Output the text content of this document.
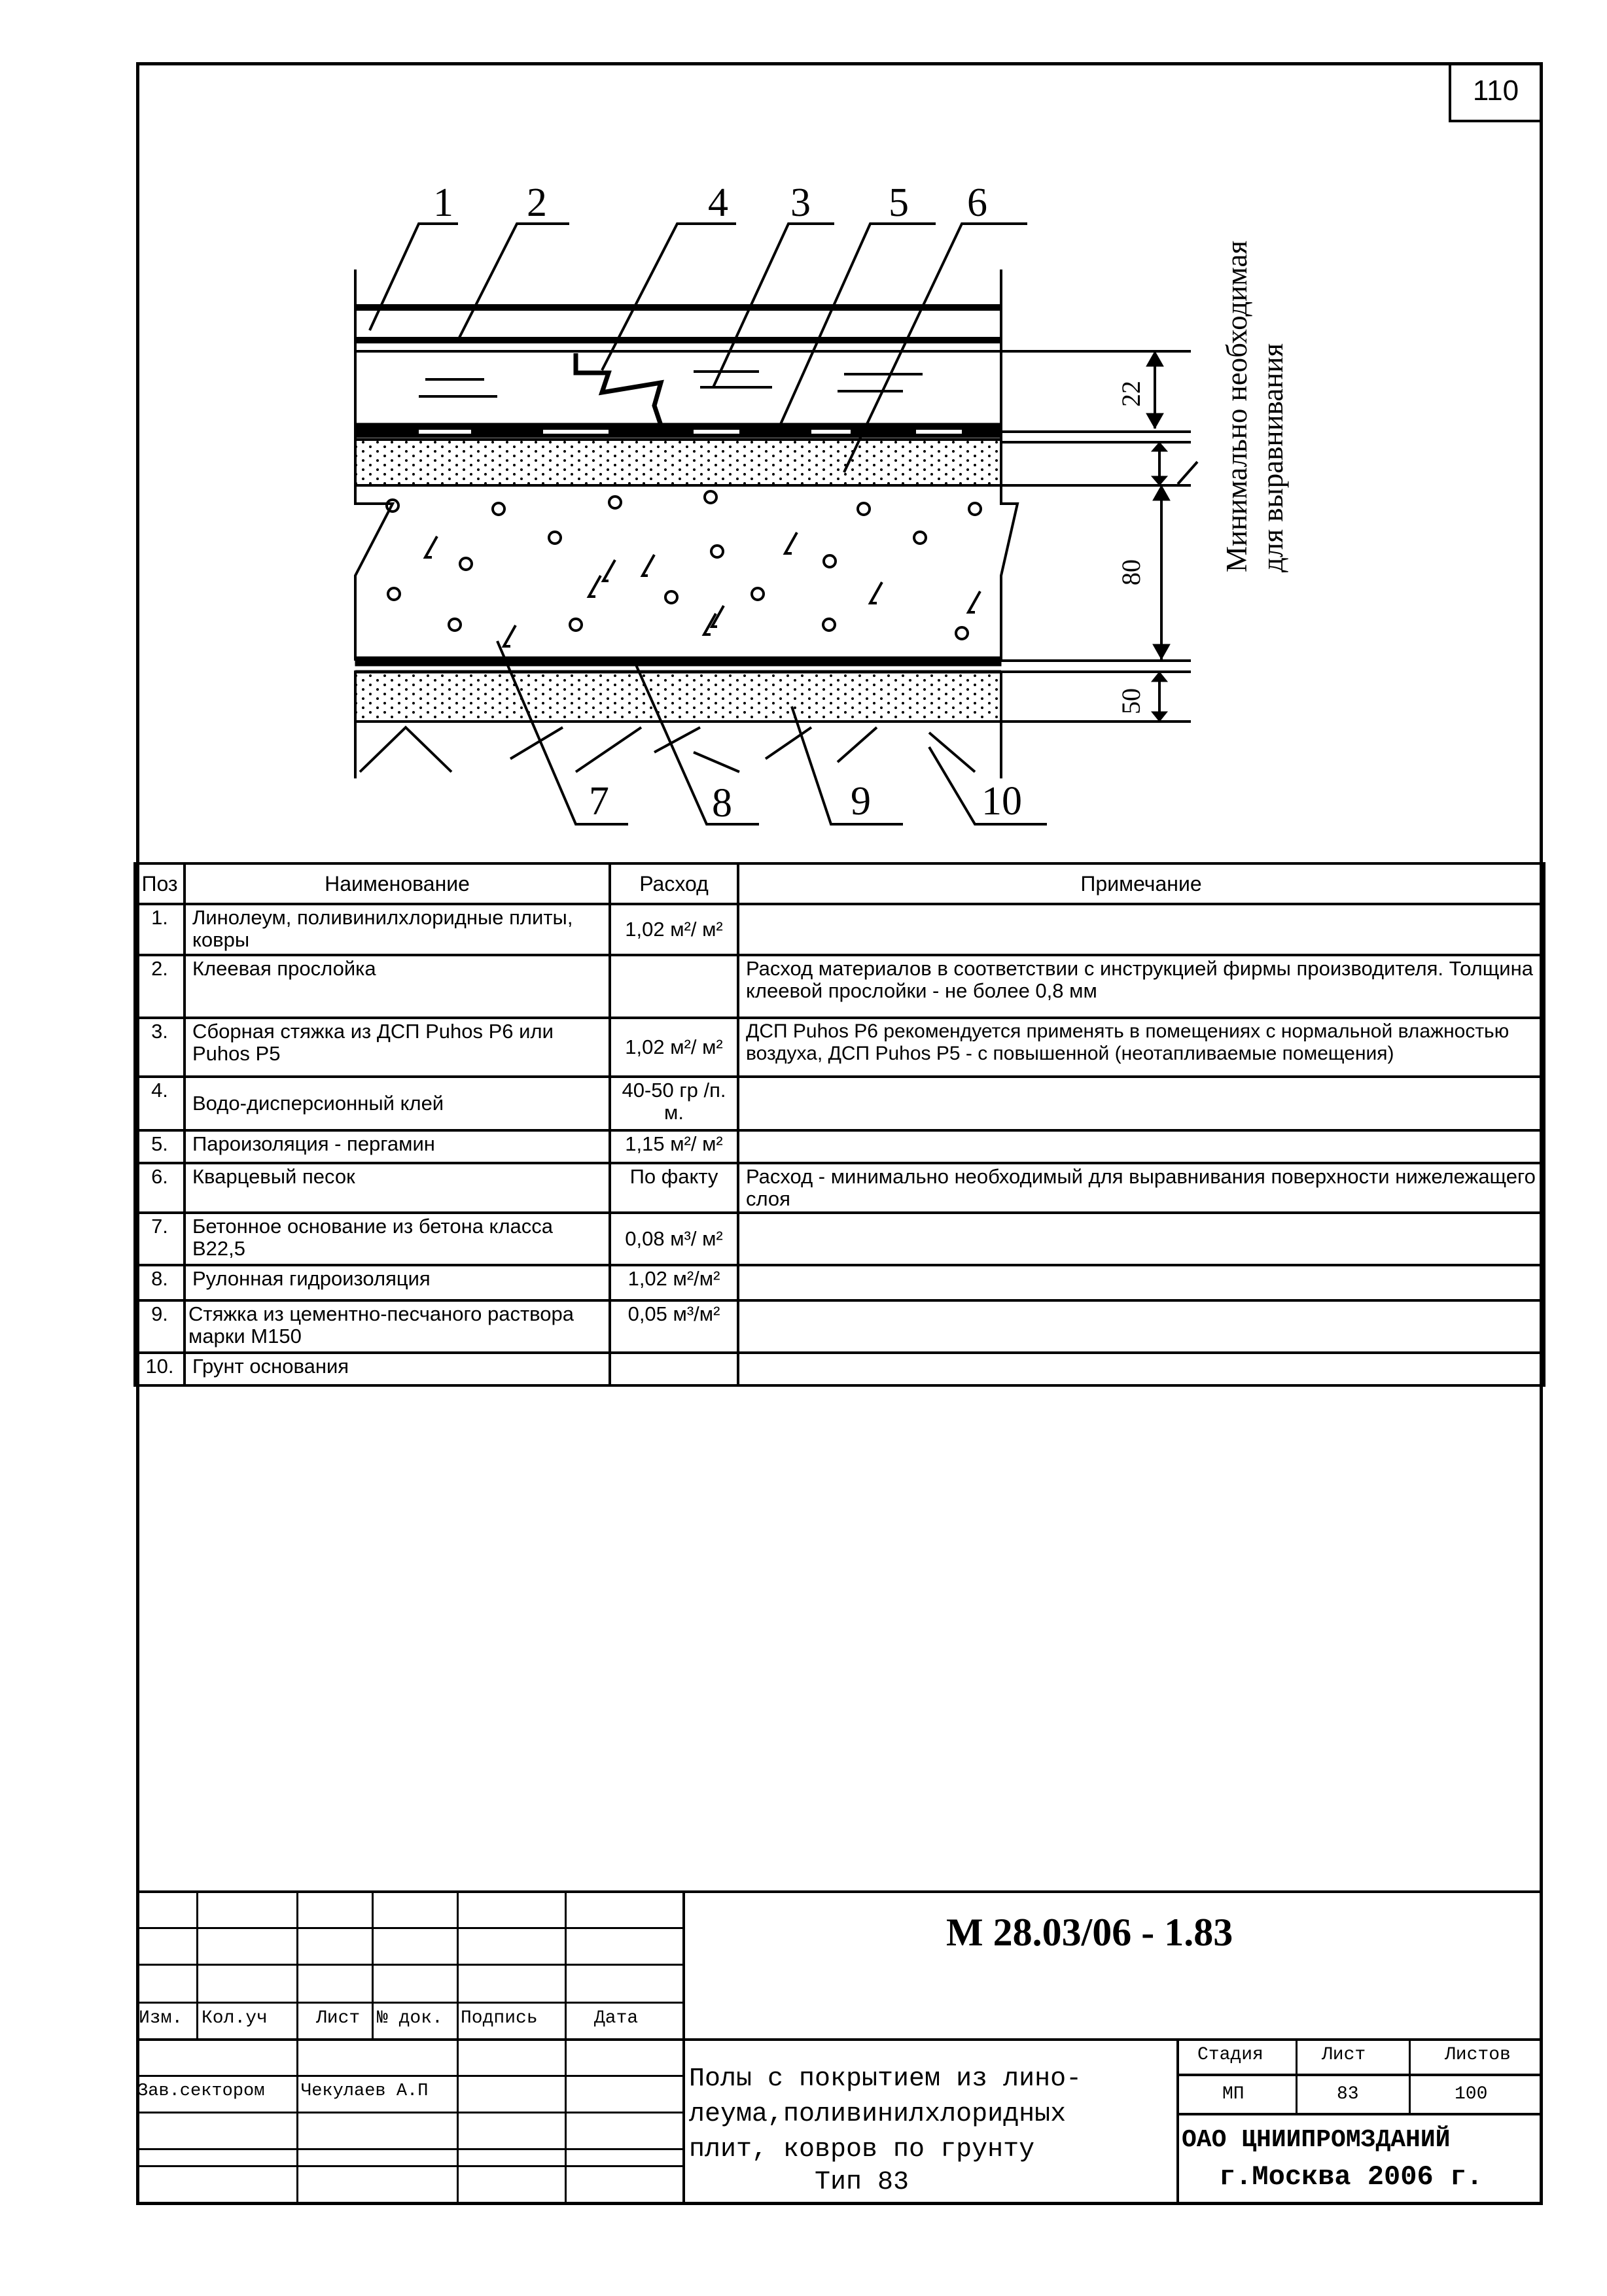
110
1 2	4 3 5 6
7	8	9	10
22
80
50
Минимально необходимая для выравнивания
Поз	Наименование	Расход	Примечание
1.	Линолеум, поливинилхлоридные плиты, ковры	1,02 м²/ м²	
2.	Клеевая прослойка		Расход материалов в соответствии с инструкцией фирмы производителя. Толщина клеевой прослойки - не более 0,8 мм
3.	Сборная стяжка из ДСП Puhos P6 или Puhos P5	1,02 м²/ м²	ДСП Puhos P6 рекомендуется применять в помещениях с нормальной влажностью воздуха, ДСП Puhos P5 - с повышенной (неотапливаемые помещения)
4.	Водо-дисперсионный клей	40-50 гр /п. м.	
5.	Пароизоляция - пергамин	1,15 м²/ м²	
6.	Кварцевый песок	По факту	Расход - минимально необходимый для выравнивания поверхности нижележащего слоя
7.	Бетонное основание из бетона класса В22,5	0,08 м³/ м²	
8.	Рулонная гидроизоляция	1,02 м²/м²	
9.	Стяжка из цементно-песчаного раствора марки М150	0,05 м³/м²	
10.	Грунт основания		
М 28.03/06 - 1.83
Изм. Кол.уч	Лист № док. Подпись	Дата
Зав.сектором Чекулаев А.П	Полы с покрытием из лино-
леума,поливинилхлоридных
плит, ковров по грунту
Тип 83
Стадия	Лист	Листов
МП	83	100
ОАО ЦНИИПРОМЗДАНИЙ
г.Москва 2006 г.
